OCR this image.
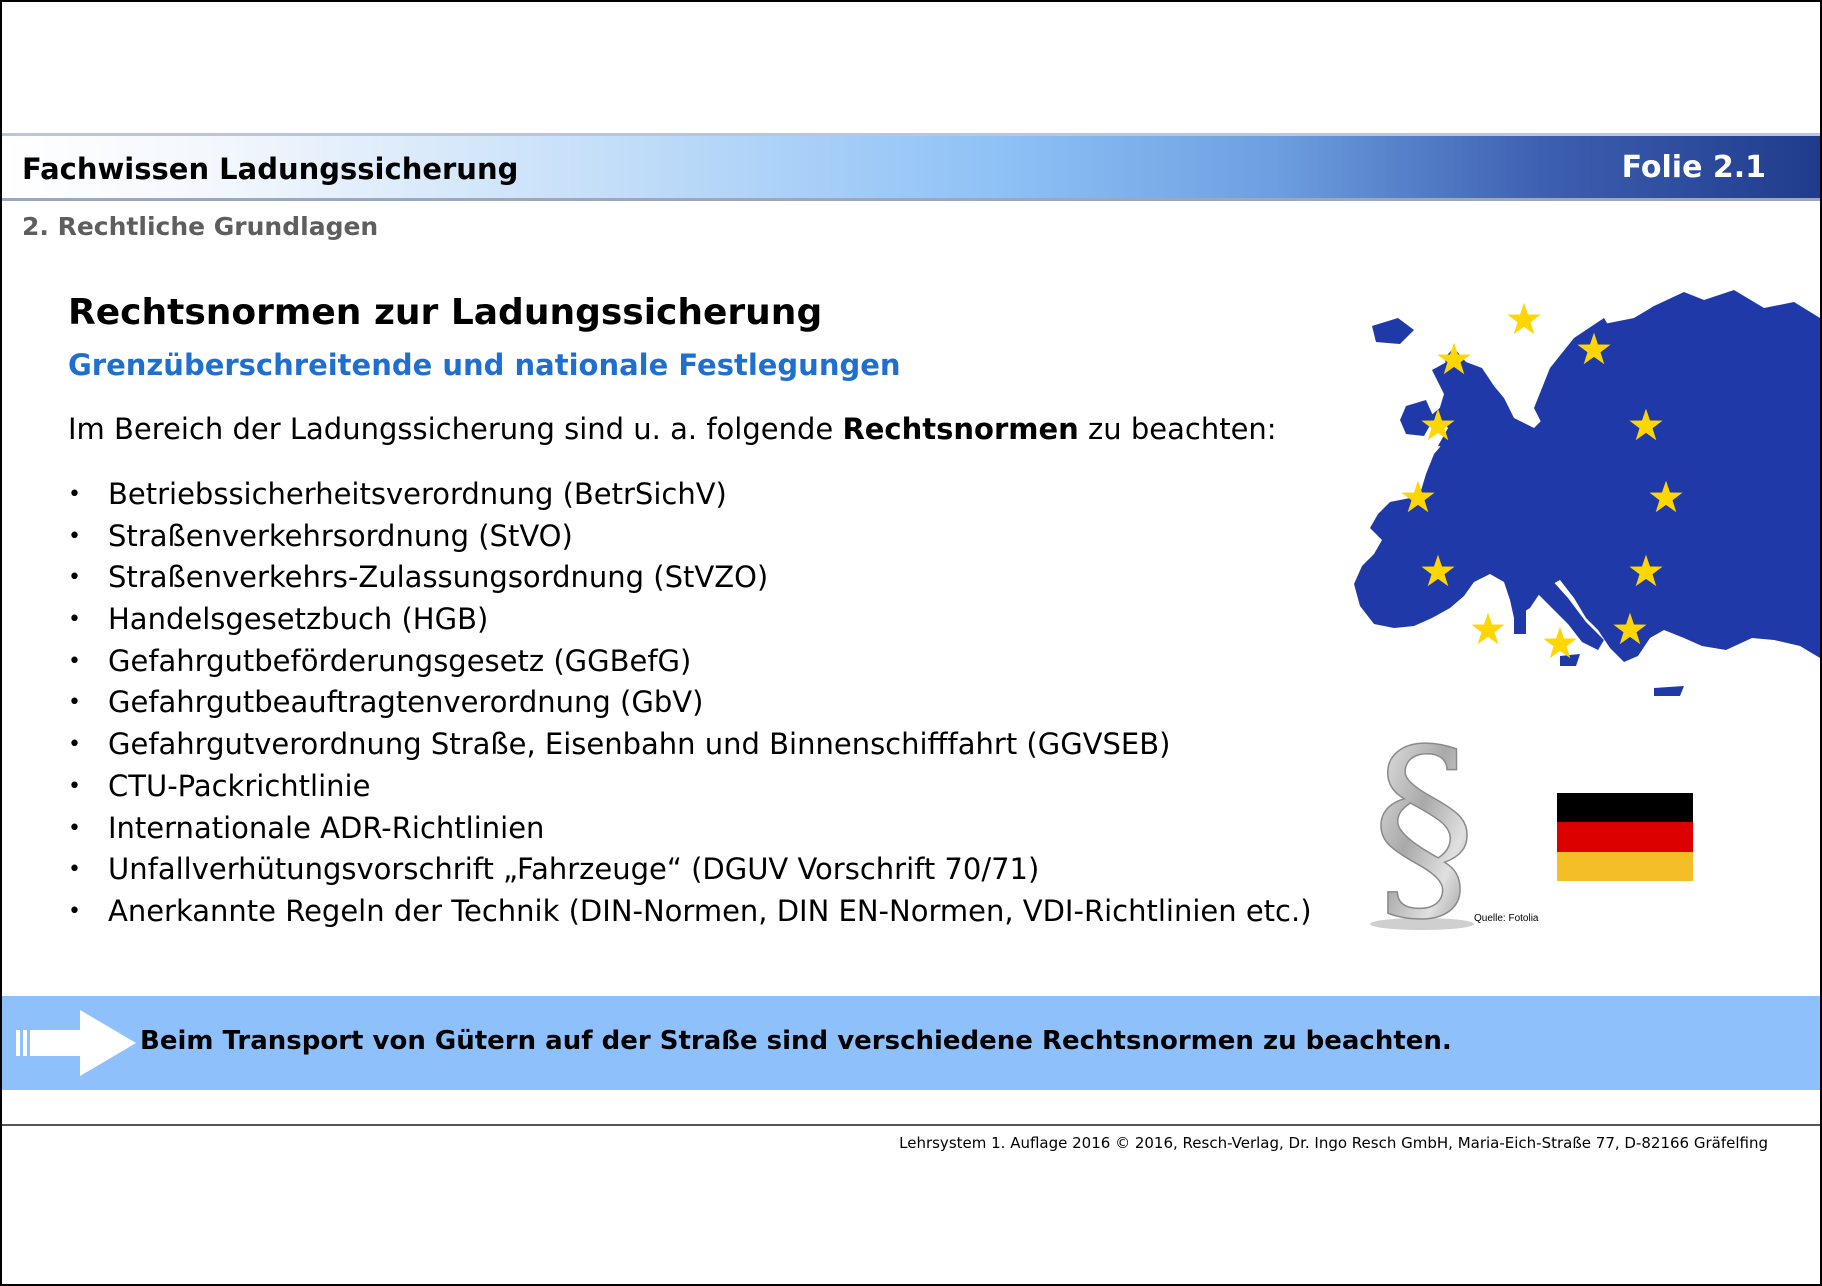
Fachwissen Ladungssicherung	Folie 2.1
2. Rechtliche Grundlagen
Rechtsnormen zur Ladungssicherung
Grenzüberschreitende und nationale Festlegungen
Im Bereich der Ladungssicherung sind u. a. folgende Rechtsnormen zu beachten:
• Betriebssicherheitsverordnung (BetrSichV)
• Straßenverkehrsordnung (StVO)
• Straßenverkehrs-Zulassungsordnung (StVZO)
• Handelsgesetzbuch (HGB)
• Gefahrgutbeförderungsgesetz (GGBefG)
• Gefahrgutbeauftragtenverordnung (GbV)
• Gefahrgutverordnung Straße, Eisenbahn und Binnenschifffahrt (GGVSEB)
• CTU-Packrichtlinie
• Internationale ADR-Richtlinien
• Unfallverhütungsvorschrift „Fahrzeuge“ (DGUV Vorschrift 70/71)
• Anerkannte Regeln der Technik (DIN-Normen, DIN EN-Normen, VDI-Richtlinien etc.) §
Quelle: Fotolia
Beim Transport von Gütern auf der Straße sind verschiedene Rechtsnormen zu beachten.
Lehrsystem 1. Auflage 2016 © 2016, Resch-Verlag, Dr. Ingo Resch GmbH, Maria-Eich-Straße 77, D-82166 Gräfelfing
